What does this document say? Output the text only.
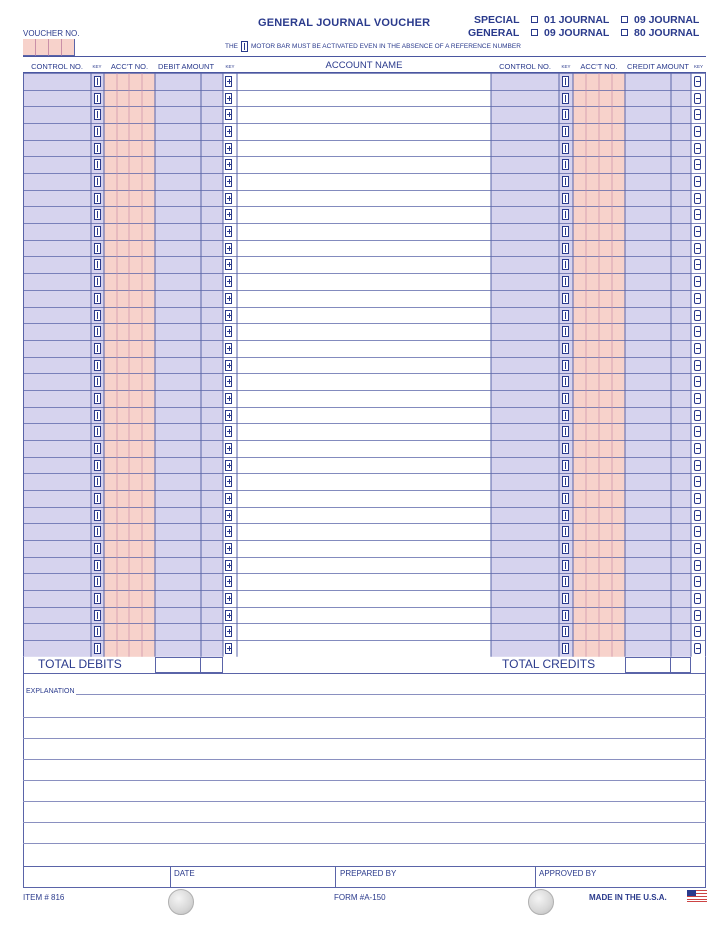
GENERAL JOURNAL VOUCHER
VOUCHER NO.
SPECIAL
GENERAL
01 JOURNAL	09 JOURNAL
09 JOURNAL	80 JOURNAL
THE MOTOR BAR MUST BE ACTIVATED EVEN IN THE ABSENCE OF A REFERENCE NUMBER
CONTROL NO.	KEY	ACC'T NO.	DEBIT AMOUNT	KEY	ACCOUNT NAME	CONTROL NO.	KEY	ACC'T NO.	CREDIT AMOUNT	KEY
TOTAL DEBITS	TOTAL CREDITS
EXPLANATION
DATE	PREPARED BY	APPROVED BY
ITEM # 816	FORM #A-150	MADE IN THE U.S.A.
